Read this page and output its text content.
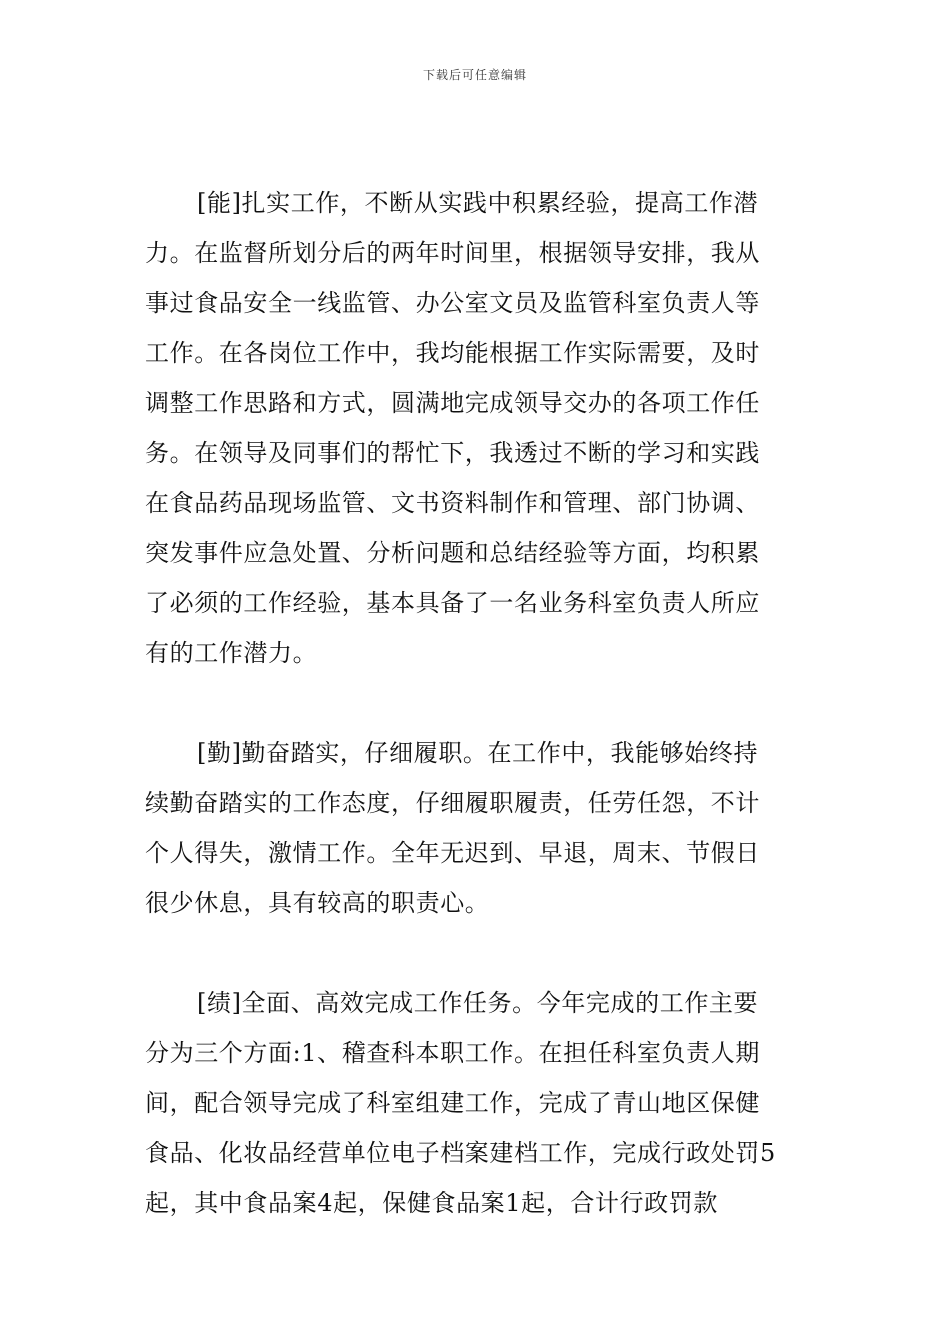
下载后可任意编辑
[能]扎实工作，不断从实践中积累经验，提高工作潜
力。在监督所划分后的两年时间里，根据领导安排，我从
事过食品安全一线监管、办公室文员及监管科室负责人等
工作。在各岗位工作中，我均能根据工作实际需要，及时
调整工作思路和方式，圆满地完成领导交办的各项工作任
务。在领导及同事们的帮忙下，我透过不断的学习和实践
在食品药品现场监管、文书资料制作和管理、部门协调、
突发事件应急处置、分析问题和总结经验等方面，均积累
了必须的工作经验，基本具备了一名业务科室负责人所应
有的工作潜力。
[勤]勤奋踏实，仔细履职。在工作中，我能够始终持
续勤奋踏实的工作态度，仔细履职履责，任劳任怨，不计
个人得失，激情工作。全年无迟到、早退，周末、节假日
很少休息，具有较高的职责心。
[绩]全面、高效完成工作任务。今年完成的工作主要
分为三个方面:1、稽查科本职工作。在担任科室负责人期
间，配合领导完成了科室组建工作，完成了青山地区保健
食品、化妆品经营单位电子档案建档工作，完成行政处罚5
起，其中食品案4起，保健食品案1起，合计行政罚款
